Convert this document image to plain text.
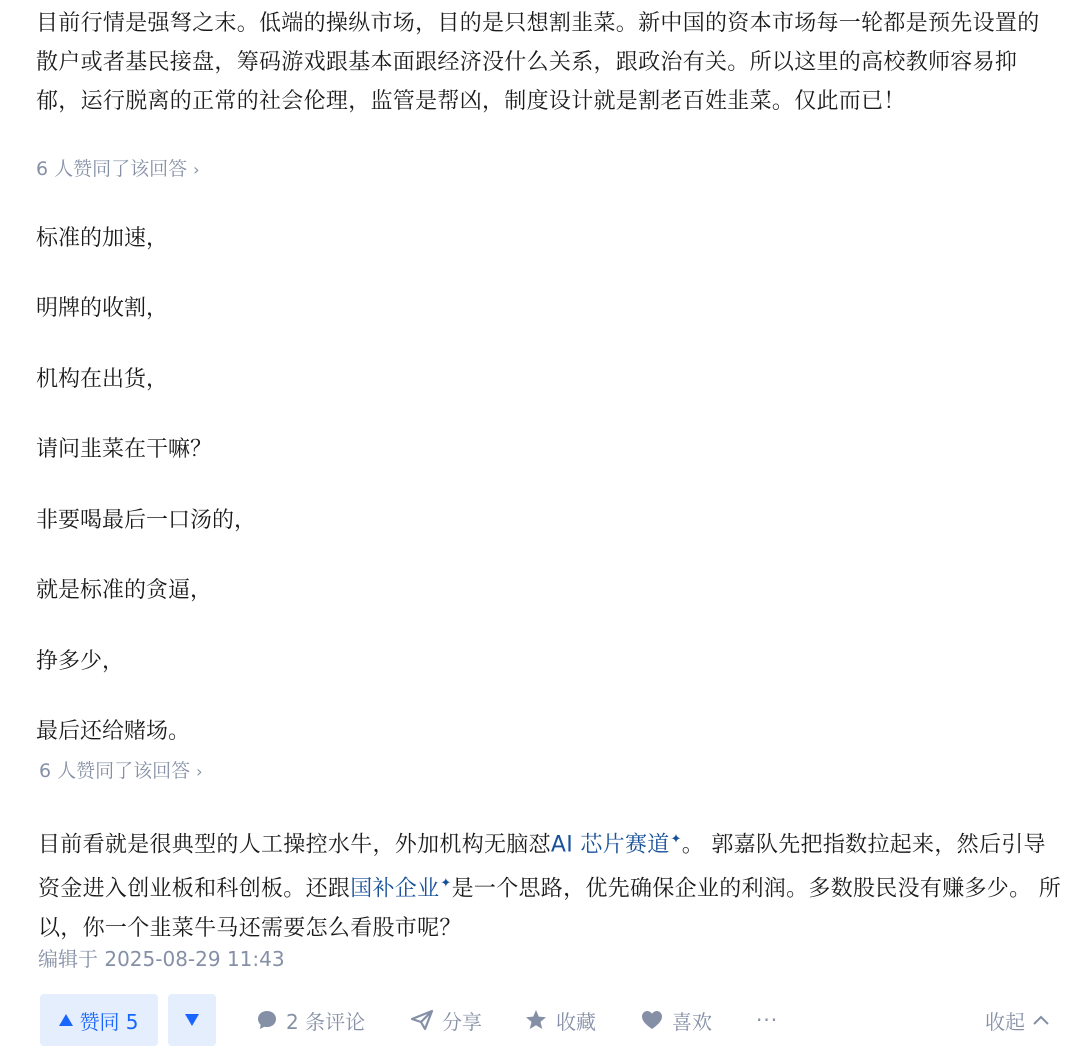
目前行情是强弩之末。低端的操纵市场，目的是只想割韭菜。新中国的资本市场每一轮都是预先设置的散户或者基民接盘，筹码游戏跟基本面跟经济没什么关系，跟政治有关。所以这里的高校教师容易抑郁，运行脱离的正常的社会伦理，监管是帮凶，制度设计就是割老百姓韭菜。仅此而已！
6 人赞同了该回答 ›
标准的加速，
明牌的收割，
机构在出货，
请问韭菜在干嘛？
非要喝最后一口汤的，
就是标准的贪逼，
挣多少，
最后还给赌场。
6 人赞同了该回答 ›
目前看就是很典型的人工操控水牛，外加机构无脑怼AI 芯片赛道✦。 郭嘉队先把指数拉起来，然后引导资金进入创业板和科创板。还跟国补企业✦是一个思路，优先确保企业的利润。多数股民没有赚多少。 所以，你一个韭菜牛马还需要怎么看股市呢？
编辑于 2025-08-29 11:43
赞同 5	2 条评论	分享	收藏	喜欢 ···	收起
